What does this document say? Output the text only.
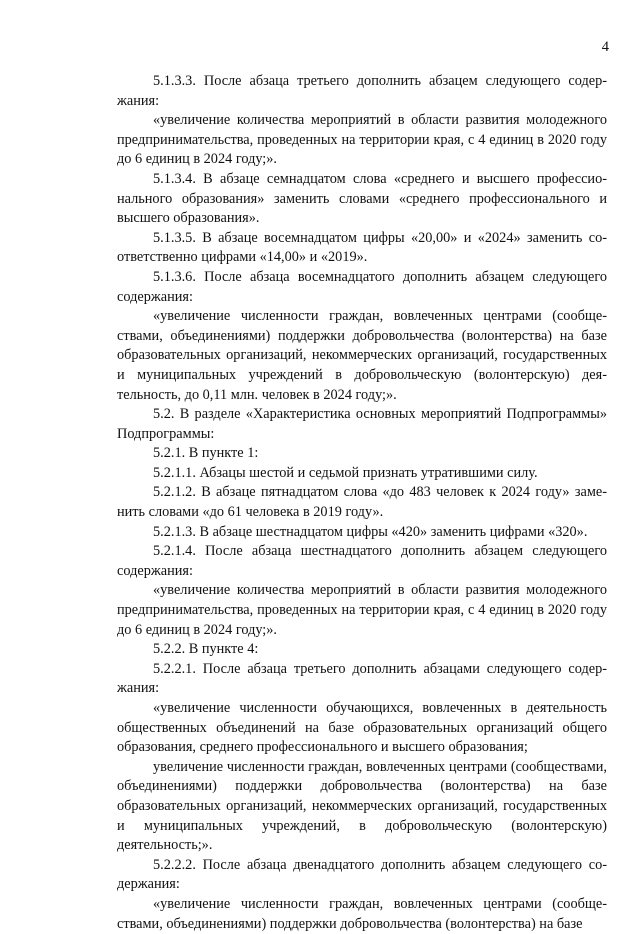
4

5.1.3.3. После абзаца третьего дополнить абзацем следующего содержания:

«увеличение количества мероприятий в области развития молодежного предпринимательства, проведенных на территории края, с 4 единиц в 2020 году до 6 единиц в 2024 году;».

5.1.3.4. В абзаце семнадцатом слова «среднего и высшего профессионального образования» заменить словами «среднего профессионального и высшего образования».

5.1.3.5. В абзаце восемнадцатом цифры «20,00» и «2024» заменить соответственно цифрами «14,00» и «2019».

5.1.3.6. После абзаца восемнадцатого дополнить абзацем следующего содержания:

«увеличение численности граждан, вовлеченных центрами (сообществами, объединениями) поддержки добровольчества (волонтерства) на базе образовательных организаций, некоммерческих организаций, государственных и муниципальных учреждений в добровольческую (волонтерскую) деятельность, до 0,11 млн. человек в 2024 году;».

5.2. В разделе «Характеристика основных мероприятий Подпрограммы» Подпрограммы:

5.2.1. В пункте 1:

5.2.1.1. Абзацы шестой и седьмой признать утратившими силу.

5.2.1.2. В абзаце пятнадцатом слова «до 483 человек к 2024 году» заменить словами «до 61 человека в 2019 году».

5.2.1.3. В абзаце шестнадцатом цифры «420» заменить цифрами «320».

5.2.1.4. После абзаца шестнадцатого дополнить абзацем следующего содержания:

«увеличение количества мероприятий в области развития молодежного предпринимательства, проведенных на территории края, с 4 единиц в 2020 году до 6 единиц в 2024 году;».

5.2.2. В пункте 4:

5.2.2.1. После абзаца третьего дополнить абзацами следующего содержания:

«увеличение численности обучающихся, вовлеченных в деятельность общественных объединений на базе образовательных организаций общего образования, среднего профессионального и высшего образования;

увеличение численности граждан, вовлеченных центрами (сообществами, объединениями) поддержки добровольчества (волонтерства) на базе образовательных организаций, некоммерческих организаций, государственных и муниципальных учреждений, в добровольческую (волонтерскую) деятельность;».

5.2.2.2. После абзаца двенадцатого дополнить абзацем следующего содержания:

«увеличение численности граждан, вовлеченных центрами (сообществами, объединениями) поддержки добровольчества (волонтерства) на базе
